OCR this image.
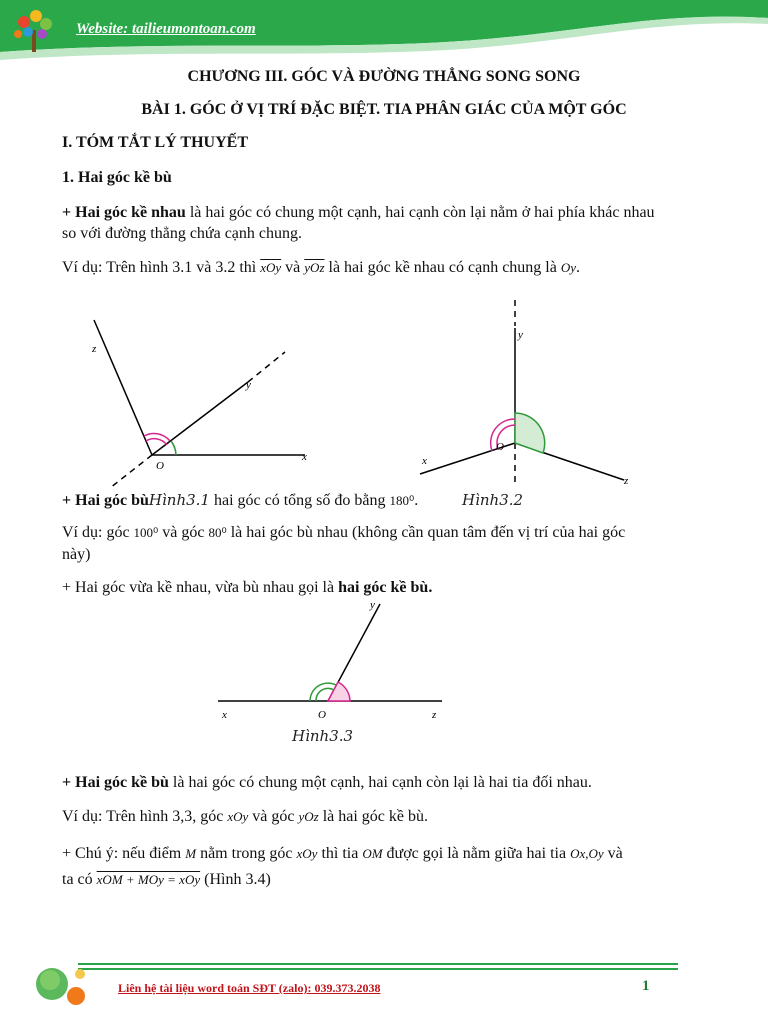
Website: tailieumontoan.com
CHƯƠNG III. GÓC VÀ ĐƯỜNG THẲNG SONG SONG
BÀI 1. GÓC Ở VỊ TRÍ ĐẶC BIỆT. TIA PHÂN GIÁC CỦA MỘT GÓC
I. TÓM TẮT LÝ THUYẾT
1. Hai góc kề bù
+ Hai góc kề nhau là hai góc có chung một cạnh, hai cạnh còn lại nằm ở hai phía khác nhau
so với đường thẳng chứa cạnh chung.
Ví dụ: Trên hình 3.1 và 3.2 thì $\overline{xOy}$ và $\overline{yOz}$ là hai góc kề nhau có cạnh chung là Oy.
z
y
x
O
y
x
z
O
+ Hai góc bùHình3.1 hai góc có tổng số đo bằng 180⁰.	Hình3.2
Ví dụ: góc 100⁰ và góc 80⁰ là hai góc bù nhau (không cần quan tâm đến vị trí của hai góc
này)
+ Hai góc vừa kề nhau, vừa bù nhau gọi là hai góc kề bù.
y
x	z
O
Hình3.3
+ Hai góc kề bù là hai góc có chung một cạnh, hai cạnh còn lại là hai tia đối nhau.
Ví dụ: Trên hình 3,3, góc xOy và góc yOz là hai góc kề bù.
+ Chú ý: nếu điểm M nằm trong góc xOy thì tia OM được gọi là nằm giữa hai tia Ox,Oy và
ta có xOM + MOy = xOy (Hình 3.4)
Liên hệ tài liệu word toán SĐT (zalo): 039.373.2038	1
